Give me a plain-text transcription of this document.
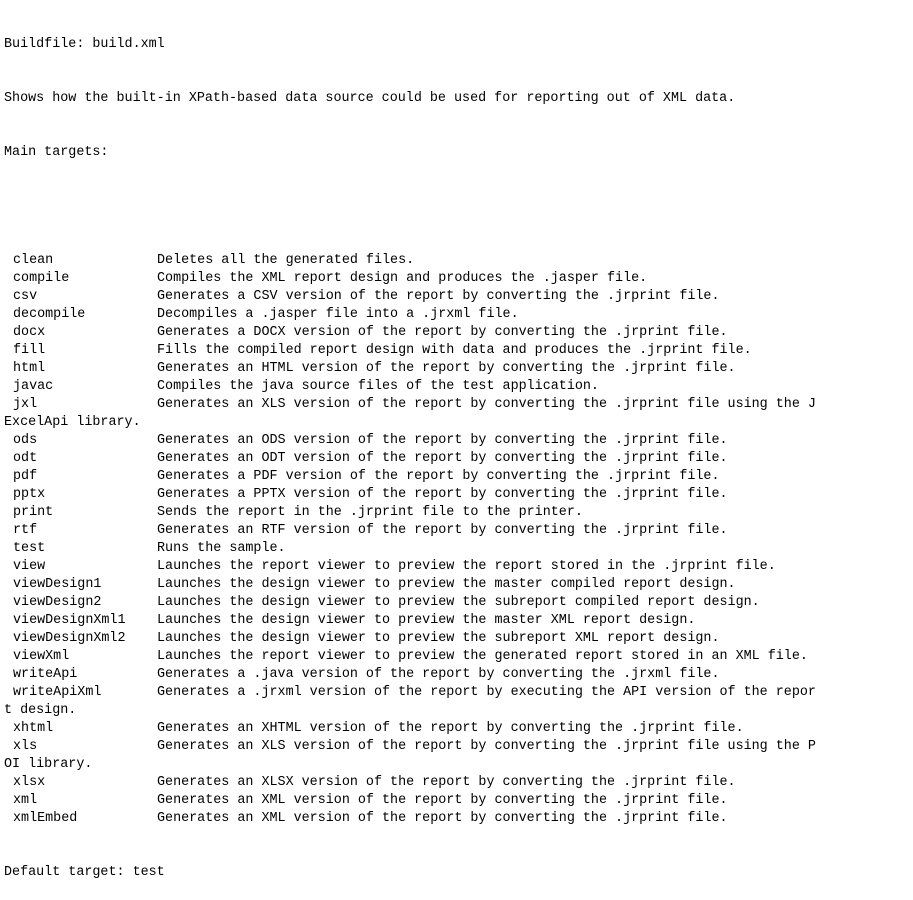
Buildfile: build.xml

Shows how the built-in XPath-based data source could be used for reporting out of XML data.

Main targets:

clean	Deletes all the generated files.
compile	Compiles the XML report design and produces the .jasper file.
csv	Generates a CSV version of the report by converting the .jrprint file.
decompile	Decompiles a .jasper file into a .jrxml file.
docx	Generates a DOCX version of the report by converting the .jrprint file.
fill	Fills the compiled report design with data and produces the .jrprint file.
html	Generates an HTML version of the report by converting the .jrprint file.
javac	Compiles the java source files of the test application.
jxl	Generates an XLS version of the report by converting the .jrprint file using the J
ExcelApi library.
ods	Generates an ODS version of the report by converting the .jrprint file.
odt	Generates an ODT version of the report by converting the .jrprint file.
pdf	Generates a PDF version of the report by converting the .jrprint file.
pptx	Generates a PPTX version of the report by converting the .jrprint file.
print	Sends the report in the .jrprint file to the printer.
rtf	Generates an RTF version of the report by converting the .jrprint file.
test	Runs the sample.
view	Launches the report viewer to preview the report stored in the .jrprint file.
viewDesign1	Launches the design viewer to preview the master compiled report design.
viewDesign2	Launches the design viewer to preview the subreport compiled report design.
viewDesignXml1 Launches the design viewer to preview the master XML report design.
viewDesignXml2 Launches the design viewer to preview the subreport XML report design.
viewXml	Launches the report viewer to preview the generated report stored in an XML file.
writeApi	Generates a .java version of the report by converting the .jrxml file.
writeApiXml	Generates a .jrxml version of the report by executing the API version of the repor
t design.
xhtml	Generates an XHTML version of the report by converting the .jrprint file.
xls	Generates an XLS version of the report by converting the .jrprint file using the P
OI library.
xlsx	Generates an XLSX version of the report by converting the .jrprint file.
xml	Generates an XML version of the report by converting the .jrprint file.
xmlEmbed	Generates an XML version of the report by converting the .jrprint file.

Default target: test
